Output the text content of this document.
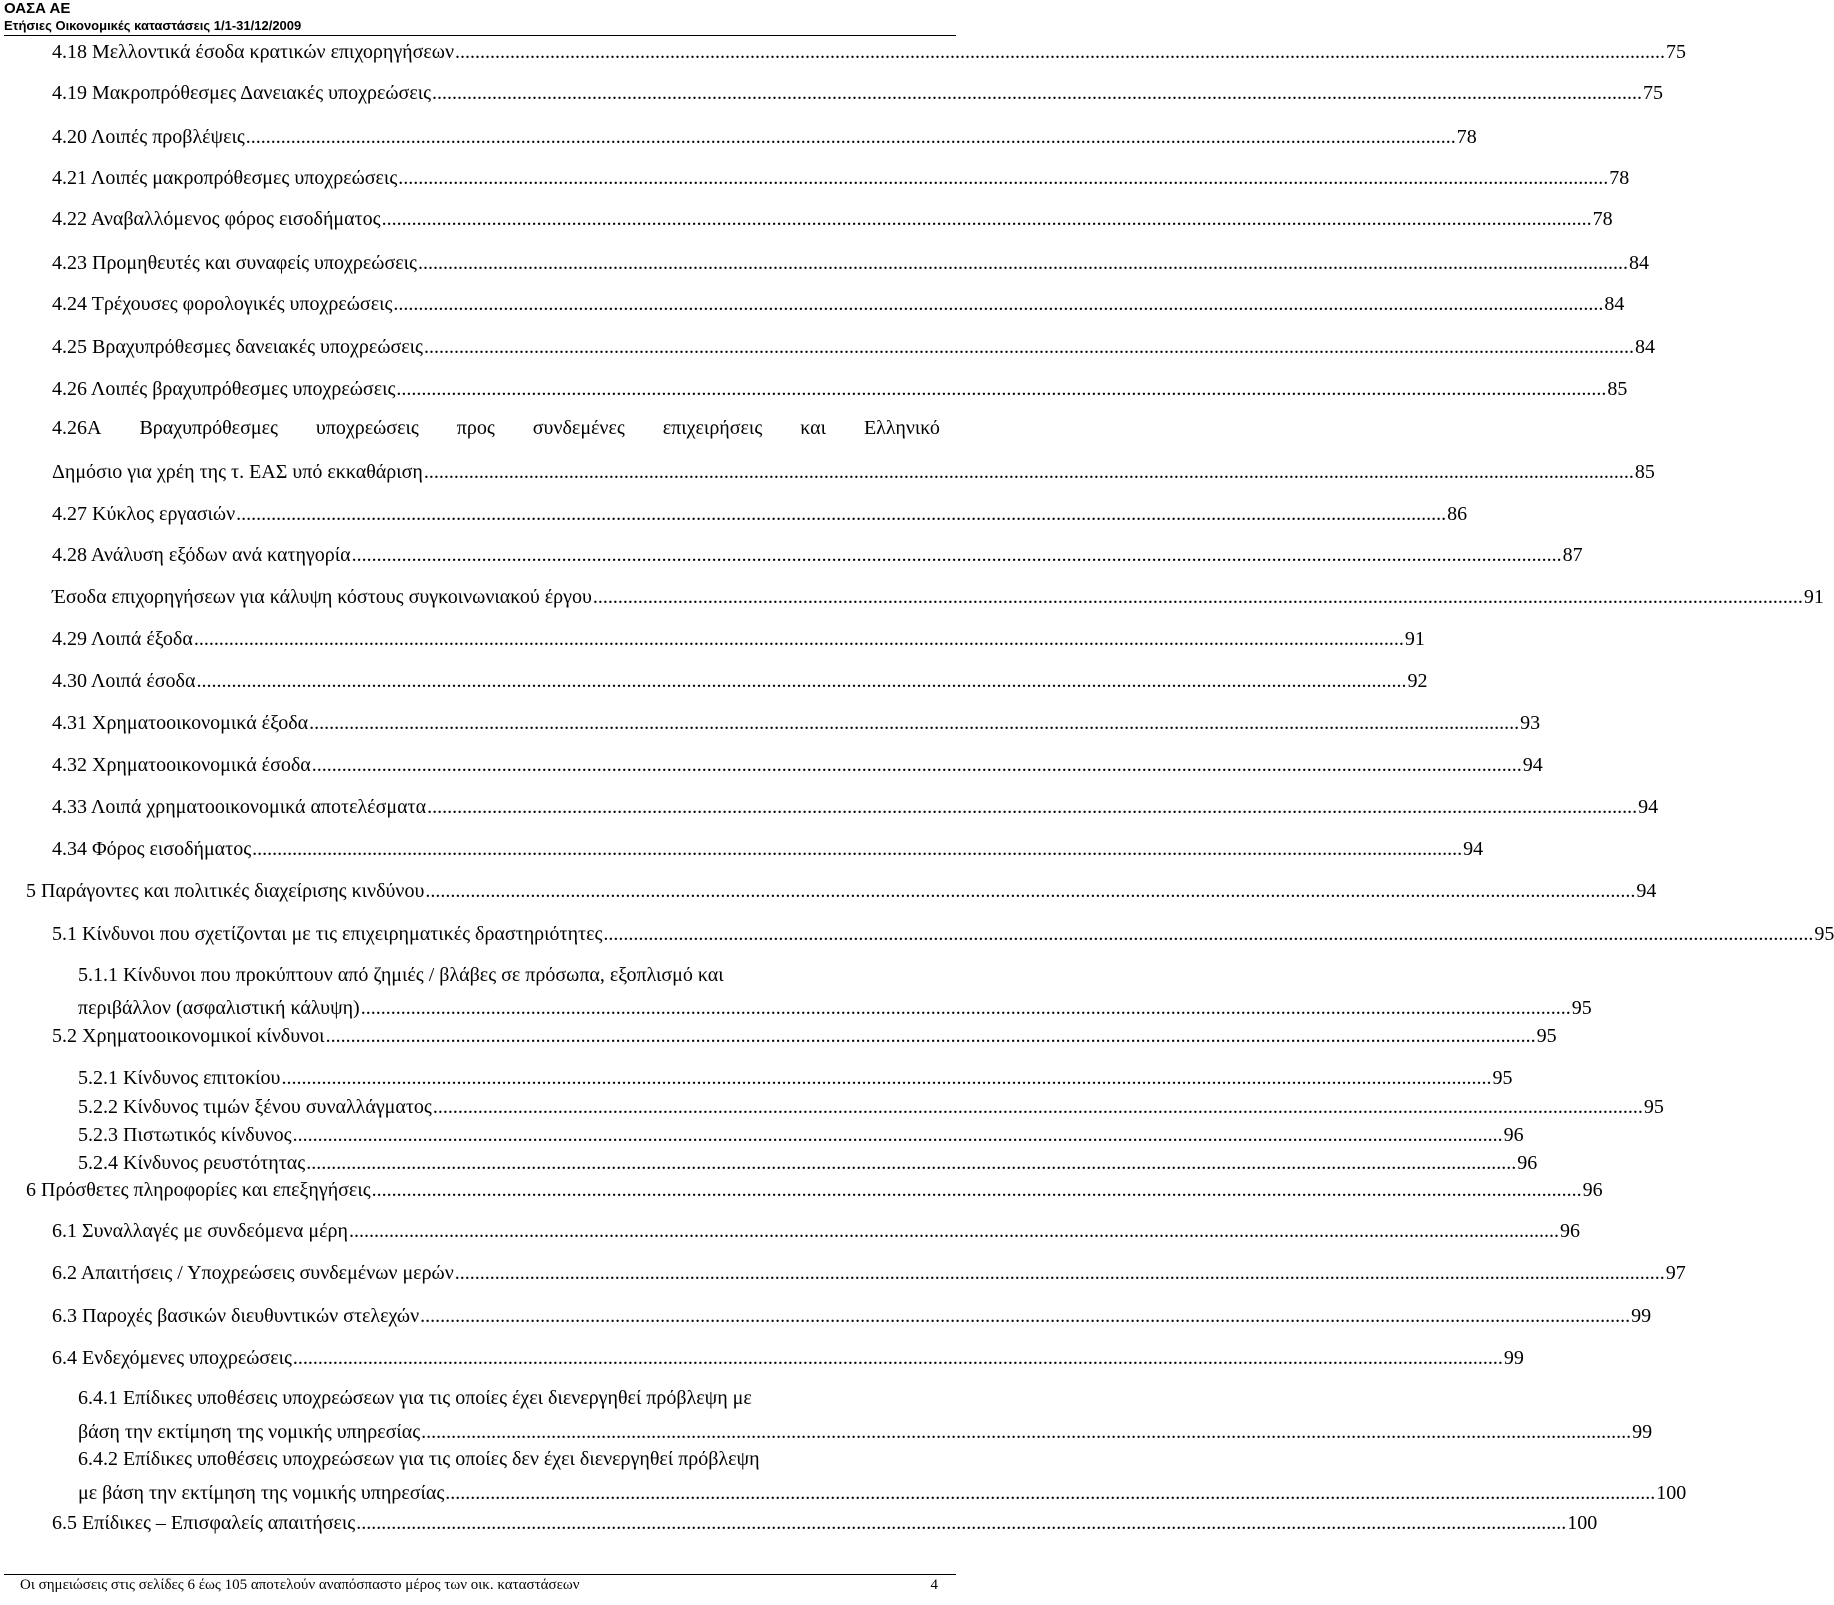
ΟΑΣΑ ΑΕ
Ετήσιες Οικονομικές καταστάσεις 1/1-31/12/2009
4.18 Μελλοντικά έσοδα κρατικών επιχορηγήσεων .................................................................................................................................................................................................................................................. 75
4.19 Μακροπρόθεσμες Δανειακές υποχρεώσεις .................................................................................................................................................................................................................................................. 75
4.20 Λοιπές προβλέψεις .................................................................................................................................................................................................................................................. 78
4.21 Λοιπές μακροπρόθεσμες υποχρεώσεις .................................................................................................................................................................................................................................................. 78
4.22 Αναβαλλόμενος φόρος εισοδήματος .................................................................................................................................................................................................................................................. 78
4.23 Προμηθευτές και συναφείς υποχρεώσεις .................................................................................................................................................................................................................................................. 84
4.24 Τρέχουσες φορολογικές υποχρεώσεις .................................................................................................................................................................................................................................................. 84
4.25 Βραχυπρόθεσμες δανειακές υποχρεώσεις .................................................................................................................................................................................................................................................. 84
4.26 Λοιπές βραχυπρόθεσμες υποχρεώσεις .................................................................................................................................................................................................................................................. 85
4.26Α Βραχυπρόθεσμες υποχρεώσεις προς συνδεμένες επιχειρήσεις και Ελληνικό
Δημόσιο για χρέη της τ. ΕΑΣ υπό εκκαθάριση .................................................................................................................................................................................................................................................. 85
4.27 Κύκλος εργασιών .................................................................................................................................................................................................................................................. 86
4.28 Ανάλυση εξόδων ανά κατηγορία .................................................................................................................................................................................................................................................. 87
Έσοδα επιχορηγήσεων για κάλυψη κόστους συγκοινωνιακού έργου .................................................................................................................................................................................................................................................. 91
4.29 Λοιπά έξοδα .................................................................................................................................................................................................................................................. 91
4.30 Λοιπά έσοδα .................................................................................................................................................................................................................................................. 92
4.31 Χρηματοοικονομικά έξοδα .................................................................................................................................................................................................................................................. 93
4.32 Χρηματοοικονομικά έσοδα .................................................................................................................................................................................................................................................. 94
4.33 Λοιπά χρηματοοικονομικά αποτελέσματα .................................................................................................................................................................................................................................................. 94
4.34 Φόρος εισοδήματος .................................................................................................................................................................................................................................................. 94
5 Παράγοντες και πολιτικές διαχείρισης κινδύνου .................................................................................................................................................................................................................................................. 94
5.1 Κίνδυνοι που σχετίζονται με τις επιχειρηματικές δραστηριότητες .................................................................................................................................................................................................................................................. 95
5.1.1 Κίνδυνοι που προκύπτουν από ζημιές / βλάβες σε πρόσωπα, εξοπλισμό και
περιβάλλον (ασφαλιστική κάλυψη) .................................................................................................................................................................................................................................................. 95
5.2 Χρηματοοικονομικοί κίνδυνοι .................................................................................................................................................................................................................................................. 95
5.2.1 Κίνδυνος επιτοκίου .................................................................................................................................................................................................................................................. 95
5.2.2 Κίνδυνος τιμών ξένου συναλλάγματος .................................................................................................................................................................................................................................................. 95
5.2.3 Πιστωτικός κίνδυνος .................................................................................................................................................................................................................................................. 96
5.2.4 Κίνδυνος ρευστότητας .................................................................................................................................................................................................................................................. 96
6 Πρόσθετες πληροφορίες και επεξηγήσεις .................................................................................................................................................................................................................................................. 96
6.1 Συναλλαγές με συνδεόμενα μέρη .................................................................................................................................................................................................................................................. 96
6.2 Απαιτήσεις / Υποχρεώσεις συνδεμένων μερών .................................................................................................................................................................................................................................................. 97
6.3 Παροχές βασικών διευθυντικών στελεχών .................................................................................................................................................................................................................................................. 99
6.4 Ενδεχόμενες υποχρεώσεις .................................................................................................................................................................................................................................................. 99
6.4.1 Επίδικες υποθέσεις υποχρεώσεων για τις οποίες έχει διενεργηθεί πρόβλεψη με
βάση την εκτίμηση της νομικής υπηρεσίας .................................................................................................................................................................................................................................................. 99
6.4.2 Επίδικες υποθέσεις υποχρεώσεων για τις οποίες δεν έχει διενεργηθεί πρόβλεψη
με βάση την εκτίμηση της νομικής υπηρεσίας .................................................................................................................................................................................................................................................. 100
6.5 Επίδικες – Επισφαλείς απαιτήσεις .................................................................................................................................................................................................................................................. 100
Οι σημειώσεις στις σελίδες 6 έως 105 αποτελούν αναπόσπαστο μέρος των οικ. καταστάσεων	4
